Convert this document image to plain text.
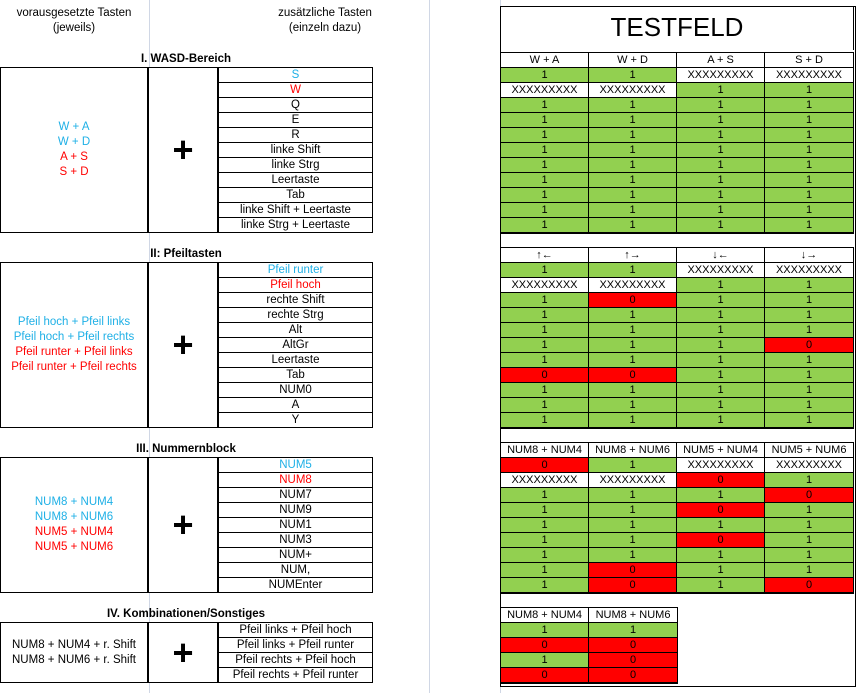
vorausgesetzte Tasten
(jeweils)
zusätzliche Tasten
(einzeln dazu)	TESTFELD
I. WASD-Bereich
W + A
W + D
A + S
S + D
+
S
W
Q
E
R
linke Shift
linke Strg
Leertaste
Tab
linke Shift + Leertaste
linke Strg + Leertaste
W + A	W + D	A + S	S + D
1	1	XXXXXXXXX	XXXXXXXXX
XXXXXXXXX	XXXXXXXXX	1	1
1	1	1	1
1	1	1	1
1	1	1	1
1	1	1	1
1	1	1	1
1	1	1	1
1	1	1	1
1	1	1	1
1	1	1	1
II: Pfeiltasten
Pfeil hoch + Pfeil links
Pfeil hoch + Pfeil rechts
Pfeil runter + Pfeil links
Pfeil runter + Pfeil rechts
+
Pfeil runter
Pfeil hoch
rechte Shift
rechte Strg
Alt
AltGr
Leertaste
Tab
NUM0
A
Y
↑←	↑→	↓←	↓→
1	1	XXXXXXXXX	XXXXXXXXX
XXXXXXXXX	XXXXXXXXX	1	1
1	0	1	1
1	1	1	1
1	1	1	1
1	1	1	0
1	1	1	1
0	0	1	1
1	1	1	1
1	1	1	1
1	1	1	1
III. Nummernblock
NUM8 + NUM4
NUM8 + NUM6
NUM5 + NUM4
NUM5 + NUM6
+
NUM5
NUM8
NUM7
NUM9
NUM1
NUM3
NUM+
NUM,
NUMEnter
NUM8 + NUM4	NUM8 + NUM6	NUM5 + NUM4	NUM5 + NUM6
0	1	XXXXXXXXX	XXXXXXXXX
XXXXXXXXX	XXXXXXXXX	0	1
1	1	1	0
1	1	0	1
1	1	1	1
1	1	0	1
1	1	1	1
1	0	1	1
1	0	1	0
IV. Kombinationen/Sonstiges
NUM8 + NUM4 + r. Shift
NUM8 + NUM6 + r. Shift	+
Pfeil links + Pfeil hoch
Pfeil links + Pfeil runter
Pfeil rechts + Pfeil hoch
Pfeil rechts + Pfeil runter
NUM8 + NUM4	NUM8 + NUM6
1	1
0	0
1	0
0	0
